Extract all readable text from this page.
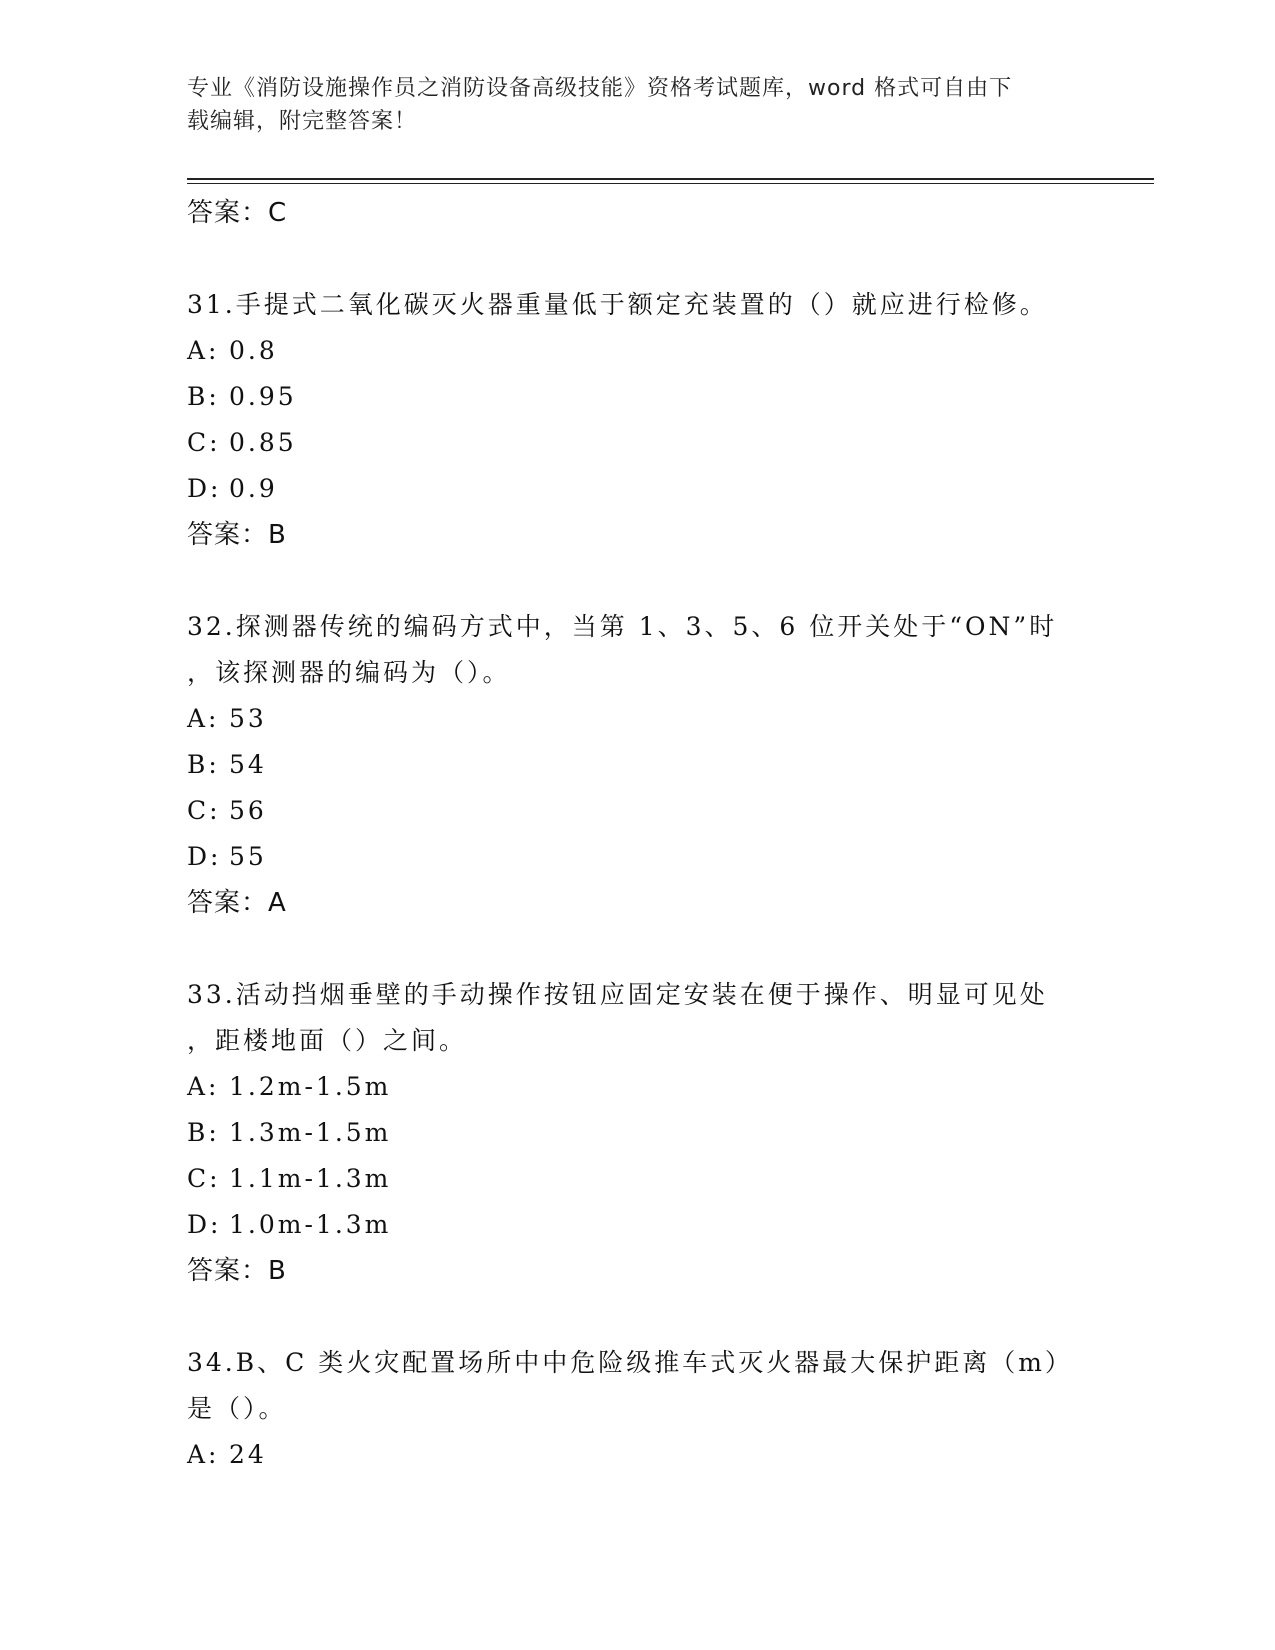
专业《消防设施操作员之消防设备高级技能》资格考试题库，word 格式可自由下
载编辑，附完整答案！
答案：C
31.手提式二氧化碳灭火器重量低于额定充装置的（）就应进行检修。
A: 0.8
B: 0.95
C: 0.85
D: 0.9
答案：B
32.探测器传统的编码方式中，当第 1、3、5、6 位开关处于“ON”时
，该探测器的编码为（）。
A: 53
B: 54
C: 56
D: 55
答案：A
33.活动挡烟垂壁的手动操作按钮应固定安装在便于操作、明显可见处
，距楼地面（）之间。
A: 1.2m-1.5m
B: 1.3m-1.5m
C: 1.1m-1.3m
D: 1.0m-1.3m
答案：B
34.B、C 类火灾配置场所中中危险级推车式灭火器最大保护距离（m）
是（）。
A: 24
